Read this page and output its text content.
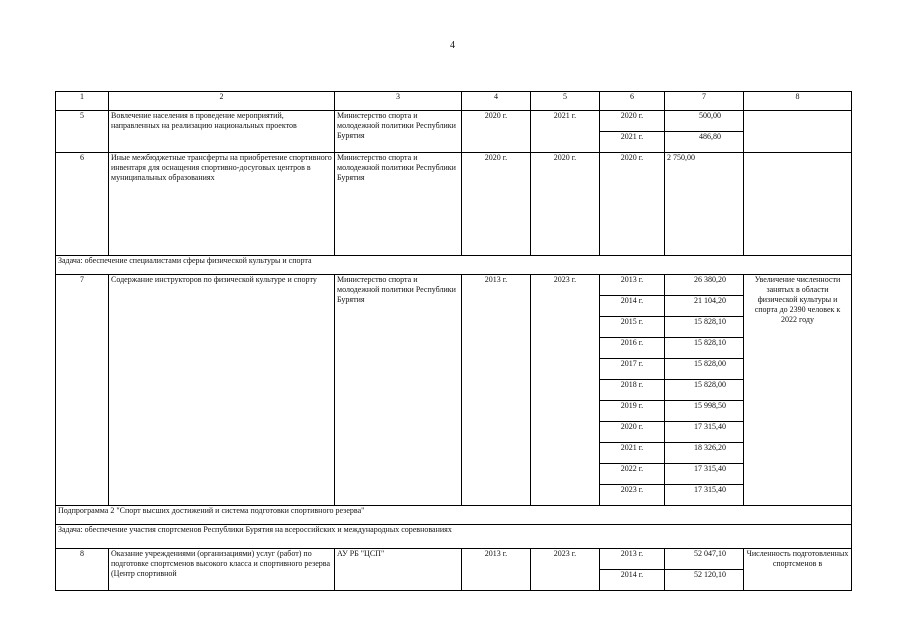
4
1	2	3	4	5	6	7	8
5	Вовлечение населения в проведение мероприятий, направленных на реализацию национальных проектов	Министерство спорта и молодежной политики Республики Бурятия	2020 г.	2021 г.	2020 г.	500,00	
					2021 г.	486,80	
6	Иные межбюджетные трансферты на приобретение спортивного инвентаря для оснащения спортивно-досуговых центров в муниципальных образованиях	Министерство спорта и молодежной политики Республики Бурятия	2020 г.	2020 г.	2020 г.	2 750,00	
Задача: обеспечение специалистами сферы физической культуры и спорта							
7	Содержание инструкторов по физической культуре и спорту	Министерство спорта и молодежной политики Республики Бурятия	2013 г.	2023 г.	2013 г.	26 380,20	Увеличение численности занятых в области физической культуры и спорта до 2390 человек к 2022 году
					2014 г.	21 104,20	
					2015 г.	15 828,10	
					2016 г.	15 828,10	
					2017 г.	15 828,00	
					2018 г.	15 828,00	
					2019 г.	15 998,50	
					2020 г.	17 315,40	
					2021 г.	18 326,20	
					2022 г.	17 315,40	
					2023 г.	17 315,40	
Подпрограмма 2 "Спорт высших достижений и система подготовки спортивного резерва"							
Задача: обеспечение участия спортсменов Республики Бурятия на всероссийских и международных соревнованиях							
8	Оказание учреждениями (организациями) услуг (работ) по подготовке спортсменов высокого класса и спортивного резерва (Центр спортивной	АУ РБ "ЦСП"	2013 г.	2023 г.	2013 г.	52 047,10	Численность подготовленных спортсменов в
					2014 г.	52 120,10	
